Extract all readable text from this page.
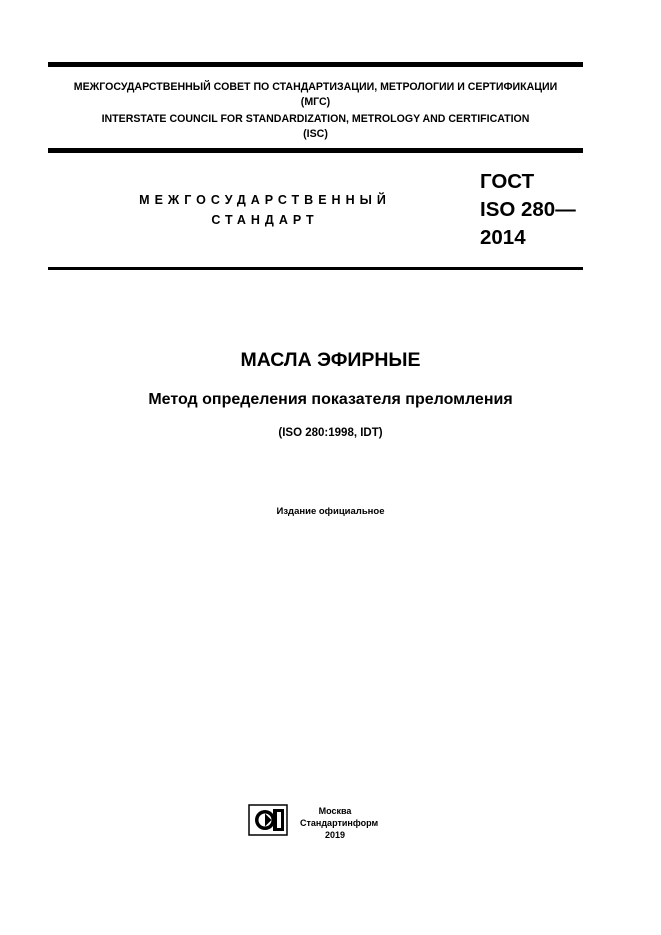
МЕЖГОСУДАРСТВЕННЫЙ СОВЕТ ПО СТАНДАРТИЗАЦИИ, МЕТРОЛОГИИ И СЕРТИФИКАЦИИ
(МГС)
INTERSTATE COUNCIL FOR STANDARDIZATION, METROLOGY AND CERTIFICATION
(ISC)
МЕЖГОСУДАРСТВЕННЫЙ
СТАНДАРТ
ГОСТ
ISO 280—
2014
МАСЛА ЭФИРНЫЕ
Метод определения показателя преломления
(ISO 280:1998, IDT)
Издание официальное
Москва
Стандартинформ
2019
